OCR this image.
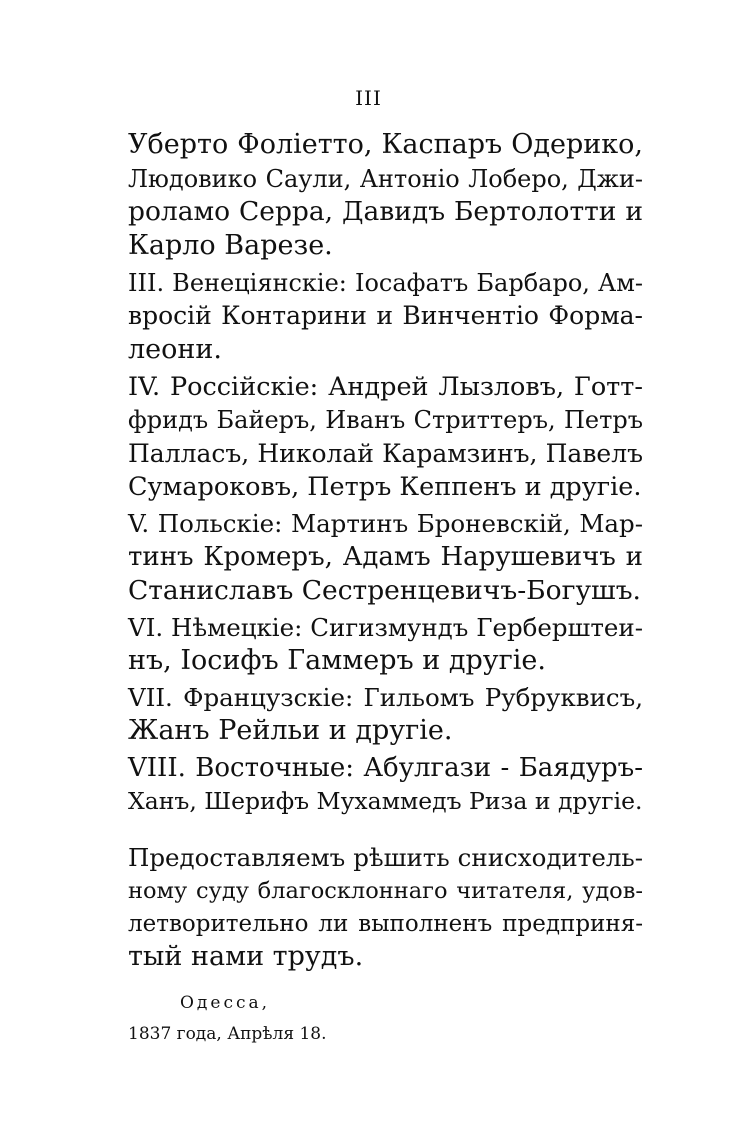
III
Уберто Фоліетто, Каспаръ Одерико,
Людовико Саули, Антоніо Лоберо, Джи-
роламо Серра, Давидъ Бертолотти и
Карло Варезе.
III. Венеціянскіе: Іосафатъ Барбаро, Ам-
вросій Контарини и Винчентіо Форма-
леони.
IV. Россійскіе: Андрей Лызловъ, Готт-
фридъ Байеръ, Иванъ Стриттеръ, Петръ
Палласъ, Николай Карамзинъ, Павелъ
Сумароковъ, Петръ Кеппенъ и другіе.
V. Польскіе: Мартинъ Броневскій, Мар-
тинъ Кромеръ, Адамъ Нарушевичъ и
Станиславъ Сестренцевичъ-Богушъ.
VI. Нѣмецкіе: Сигизмундъ Герберштеи-
нъ, Іосифъ Гаммеръ и другіе.
VII. Французскіе: Гильомъ Рубруквисъ,
Жанъ Рейльи и другіе.
VIII. Восточные: Абулгази - Баядуръ-
Ханъ, Шерифъ Мухаммедъ Риза и другіе.
Предоставляемъ рѣшить снисходитель-
ному суду благосклоннаго читателя, удов-
летворительно ли выполненъ предприня-
тый нами трудъ.
Одесса,
1837 года, Апрѣля 18.
